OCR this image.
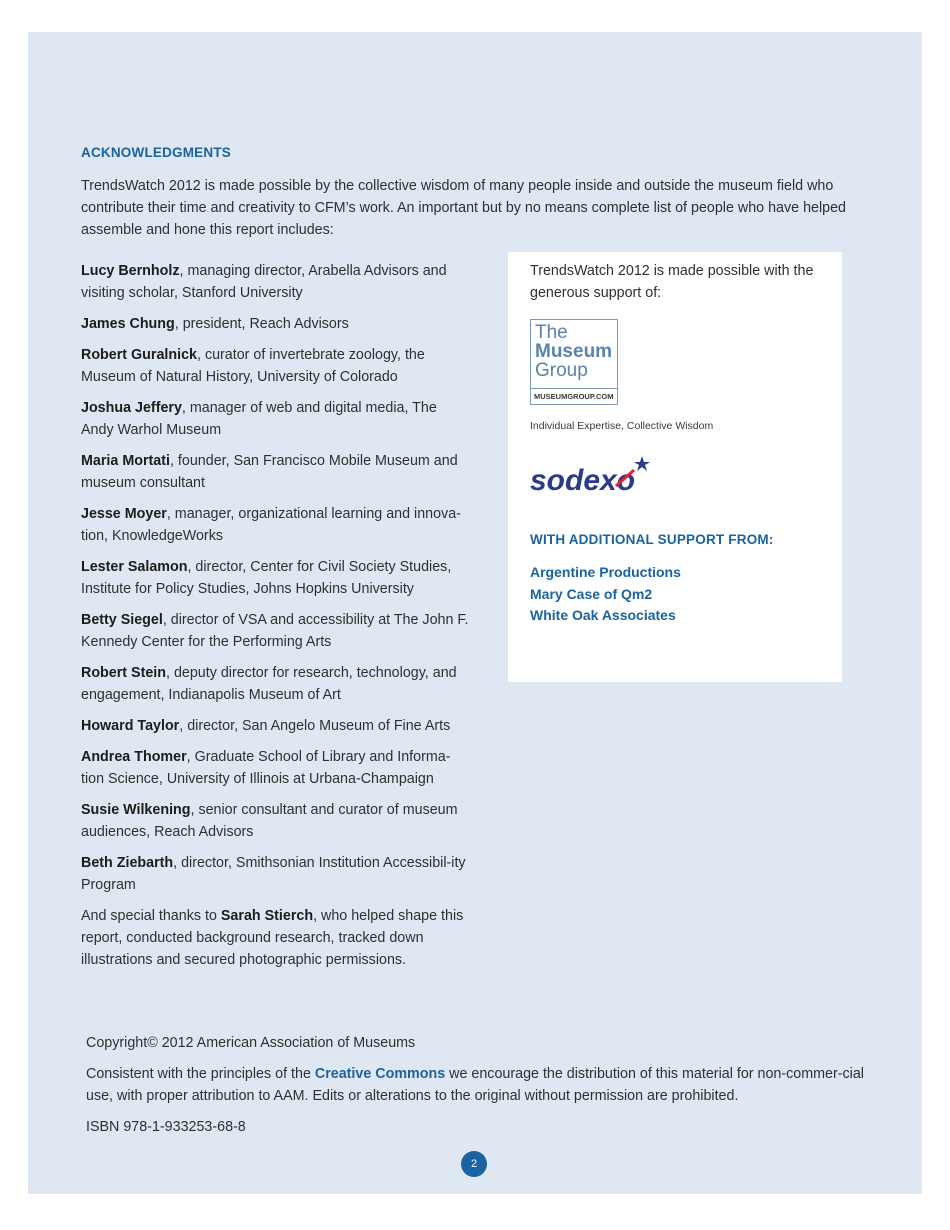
ACKNOWLEDGMENTS
TrendsWatch 2012 is made possible by the collective wisdom of many people inside and outside the museum field who contribute their time and creativity to CFM’s work. An important but by no means complete list of people who have helped assemble and hone this report includes:

Lucy Bernholz, managing director, Arabella Advisors and visiting scholar, Stanford University

James Chung, president, Reach Advisors

Robert Guralnick, curator of invertebrate zoology, the Museum of Natural History, University of Colorado

Joshua Jeffery, manager of web and digital media, The Andy Warhol Museum

Maria Mortati, founder, San Francisco Mobile Museum and museum consultant

Jesse Moyer, manager, organizational learning and innova-tion, KnowledgeWorks

Lester Salamon, director, Center for Civil Society Studies, Institute for Policy Studies, Johns Hopkins University

Betty Siegel, director of VSA and accessibility at The John F. Kennedy Center for the Performing Arts

Robert Stein, deputy director for research, technology, and engagement, Indianapolis Museum of Art

Howard Taylor, director, San Angelo Museum of Fine Arts

Andrea Thomer, Graduate School of Library and Informa-tion Science, University of Illinois at Urbana-Champaign

Susie Wilkening, senior consultant and curator of museum audiences, Reach Advisors

Beth Ziebarth, director, Smithsonian Institution Accessibil-ity Program

And special thanks to Sarah Stierch, who helped shape this report, conducted background research, tracked down illustrations and secured photographic permissions.

TrendsWatch 2012 is made possible with the generous support of:
The
Museum
Group
MUSEUMGROUP.COM
Individual Expertise, Collective Wisdom
sodexo
WITH ADDITIONAL SUPPORT FROM:
Argentine Productions
Mary Case of Qm2
White Oak Associates

Copyright© 2012 American Association of Museums

Consistent with the principles of the Creative Commons we encourage the distribution of this material for non-commer-cial use, with proper attribution to AAM. Edits or alterations to the original without permission are prohibited.

ISBN 978-1-933253-68-8

2
